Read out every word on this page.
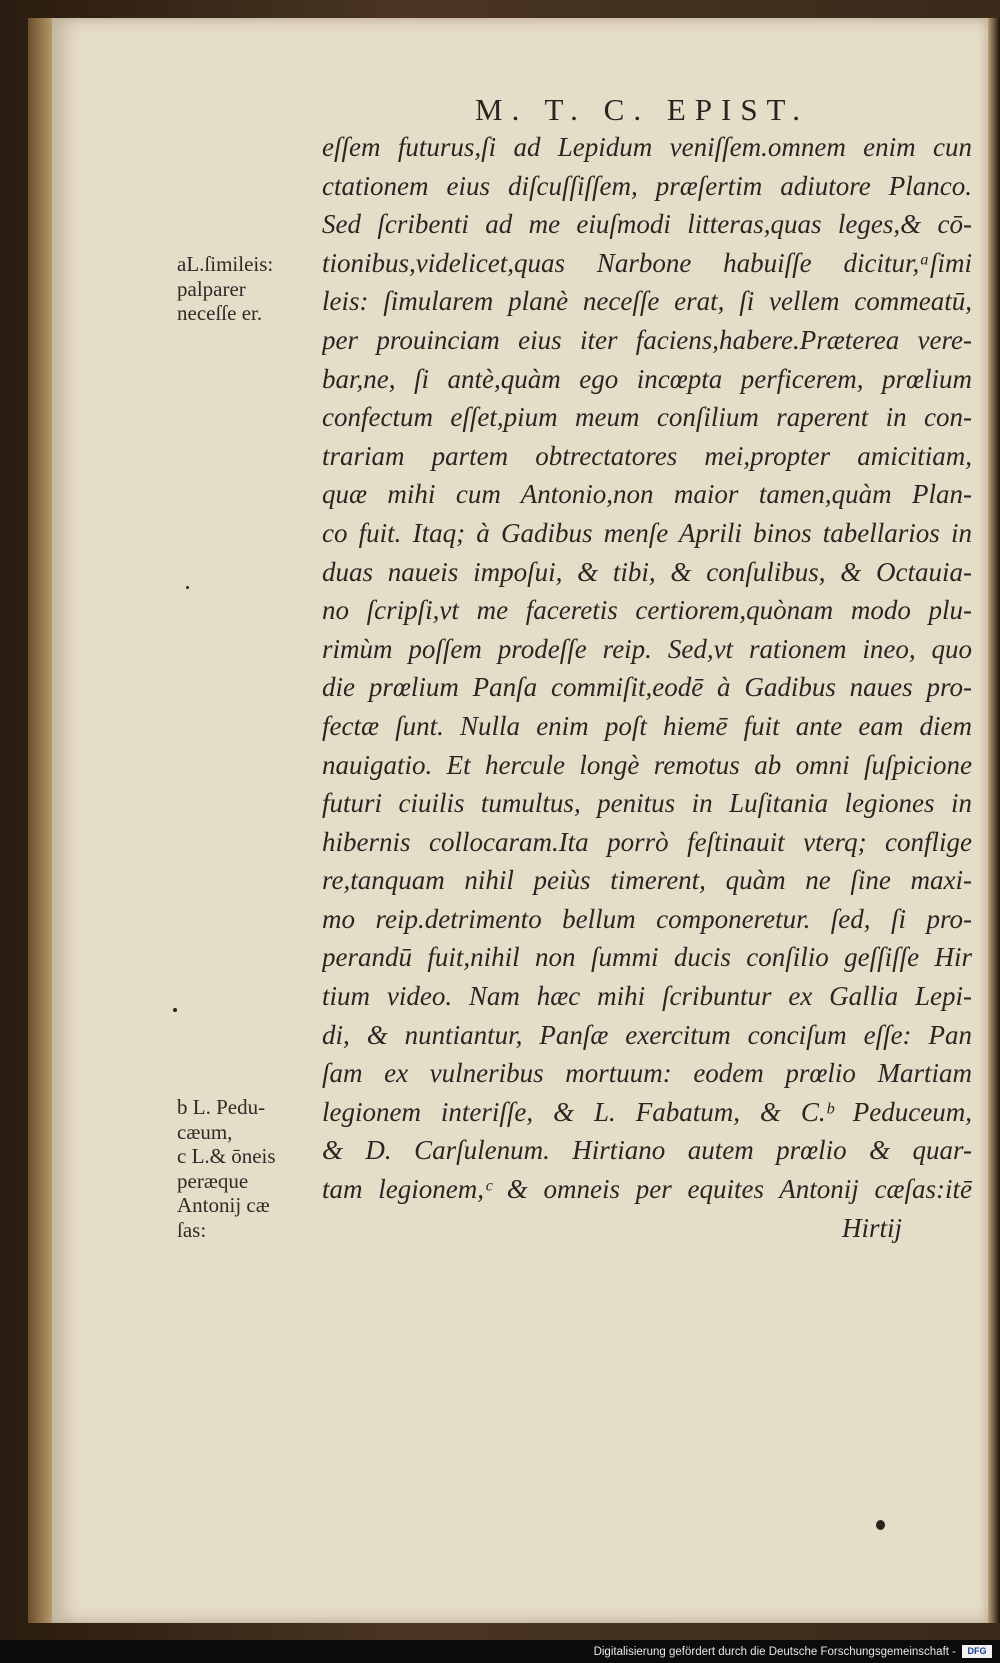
M. T. C. EPIST.
eſſem futurus,ſi ad Lepidum veniſſem.omnem enim cun
ctationem eius diſcuſſiſſem, præſertim adiutore Planco.
Sed ſcribenti ad me eiuſmodi litteras,quas leges,& cō-
tionibus,videlicet,quas Narbone habuiſſe dicitur,ᵃſimi
leis: ſimularem planè neceſſe erat, ſi vellem commeatū,
per prouinciam eius iter faciens,habere.Præterea vere-
bar,ne, ſi antè,quàm ego incœpta perficerem, prœlium
confectum eſſet,pium meum conſilium raperent in con-
trariam partem obtrectatores mei,propter amicitiam,
quæ mihi cum Antonio,non maior tamen,quàm Plan-
co fuit. Itaq; à Gadibus menſe Aprili binos tabellarios in
duas naueis impoſui, & tibi, & conſulibus, & Octauia-
no ſcripſi,vt me faceretis certiorem,quònam modo plu-
rimùm poſſem prodeſſe reip. Sed,vt rationem ineo, quo
die prœlium Panſa commiſit,eodē à Gadibus naues pro-
fectæ ſunt. Nulla enim poſt hiemē fuit ante eam diem
nauigatio. Et hercule longè remotus ab omni ſuſpicione
futuri ciuilis tumultus, penitus in Luſitania legiones in
hibernis collocaram.Ita porrò feſtinauit vterq; conflige
re,tanquam nihil peiùs timerent, quàm ne ſine maxi-
mo reip.detrimento bellum componeretur. ſed, ſi pro-
perandū fuit,nihil non ſummi ducis conſilio geſſiſſe Hir
tium video. Nam hæc mihi ſcribuntur ex Gallia Lepi-
di, & nuntiantur, Panſæ exercitum conciſum eſſe: Pan
ſam ex vulneribus mortuum: eodem prœlio Martiam
legionem interiſſe, & L. Fabatum, & C.ᵇ Peduceum,
& D. Carſulenum. Hirtiano autem prœlio & quar-
tam legionem,ᶜ & omneis per equites Antonij cæſas:itē
Hirtij
aL.ſimileis:
palparer
neceſſe er.
b L. Pedu-
cæum,
c L.& ōneis
peræque
Antonij cæ
ſas:
Digitalisierung gefördert durch die Deutsche Forschungsgemeinschaft -	DFG
